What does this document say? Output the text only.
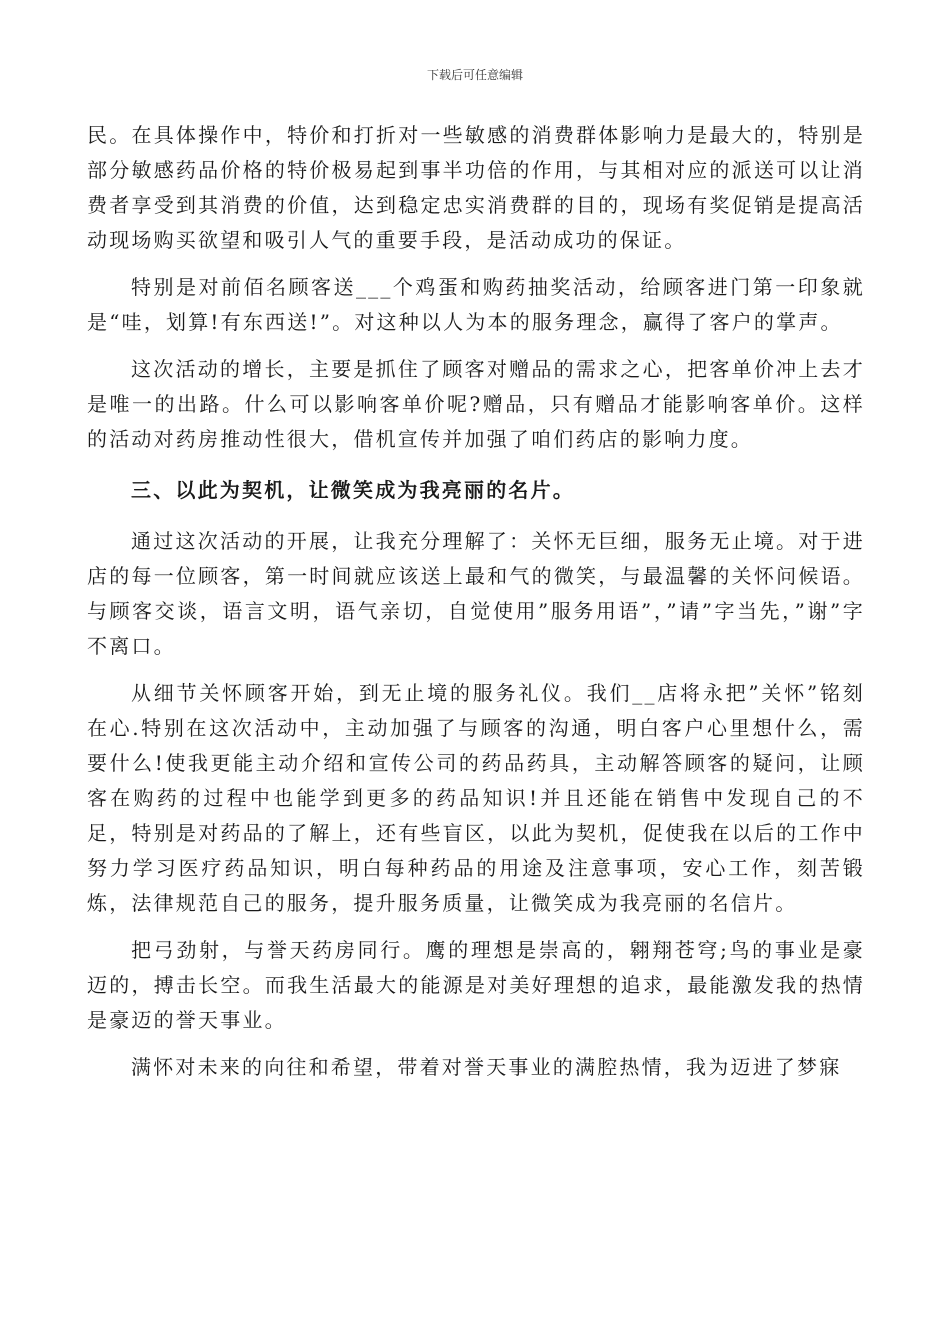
下载后可任意编辑

民。在具体操作中，特价和打折对一些敏感的消费群体影响力是最大的，特别是部分敏感药品价格的特价极易起到事半功倍的作用，与其相对应的派送可以让消费者享受到其消费的价值，达到稳定忠实消费群的目的，现场有奖促销是提高活动现场购买欲望和吸引人气的重要手段，是活动成功的保证。

特别是对前佰名顾客送___个鸡蛋和购药抽奖活动，给顾客进门第一印象就是“哇，划算!有东西送!”。对这种以人为本的服务理念，赢得了客户的掌声。

这次活动的增长，主要是抓住了顾客对赠品的需求之心，把客单价冲上去才是唯一的出路。什么可以影响客单价呢?赠品，只有赠品才能影响客单价。这样的活动对药房推动性很大，借机宣传并加强了咱们药店的影响力度。

三、以此为契机，让微笑成为我亮丽的名片。

通过这次活动的开展，让我充分理解了：关怀无巨细，服务无止境。对于进店的每一位顾客，第一时间就应该送上最和气的微笑，与最温馨的关怀问候语。与顾客交谈，语言文明，语气亲切，自觉使用”服务用语”，”请”字当先，”谢”字不离口。

从细节关怀顾客开始，到无止境的服务礼仪。我们__店将永把”关怀”铭刻在心.特别在这次活动中，主动加强了与顾客的沟通，明白客户心里想什么，需要什么!使我更能主动介绍和宣传公司的药品药具，主动解答顾客的疑问，让顾客在购药的过程中也能学到更多的药品知识!并且还能在销售中发现自己的不足，特别是对药品的了解上，还有些盲区，以此为契机，促使我在以后的工作中努力学习医疗药品知识，明白每种药品的用途及注意事项，安心工作，刻苦锻炼，法律规范自己的服务，提升服务质量，让微笑成为我亮丽的名信片。

把弓劲射，与誉天药房同行。鹰的理想是崇高的，翱翔苍穹;鸟的事业是豪迈的，搏击长空。而我生活最大的能源是对美好理想的追求，最能激发我的热情是豪迈的誉天事业。

满怀对未来的向往和希望，带着对誉天事业的满腔热情，我为迈进了梦寐
